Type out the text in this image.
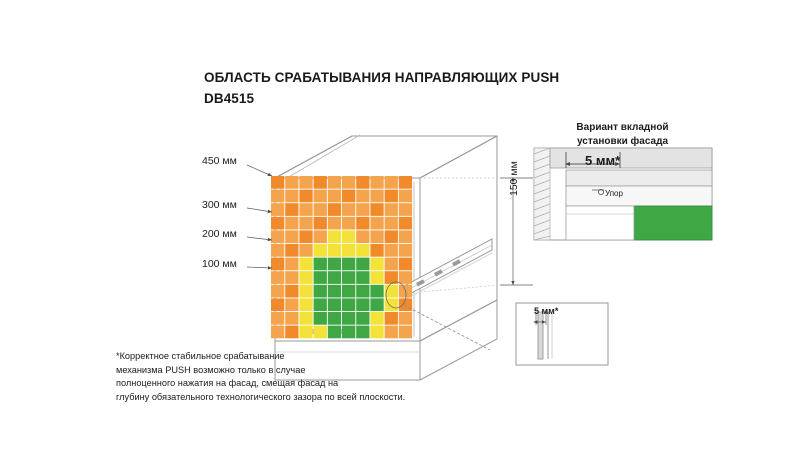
ОБЛАСТЬ СРАБАТЫВАНИЯ НАПРАВЛЯЮЩИХ PUSH
DB4515
450 мм
300 мм
200 мм
100 мм
150 мм
Вариант вкладной
установки фасада
5 мм*
Упор
5 мм*
*Корректное стабильное срабатывание
механизма PUSH возможно только в случае
полноценного нажатия на фасад, смещая фасад на
глубину обязательного технологического зазора по всей плоскости.
